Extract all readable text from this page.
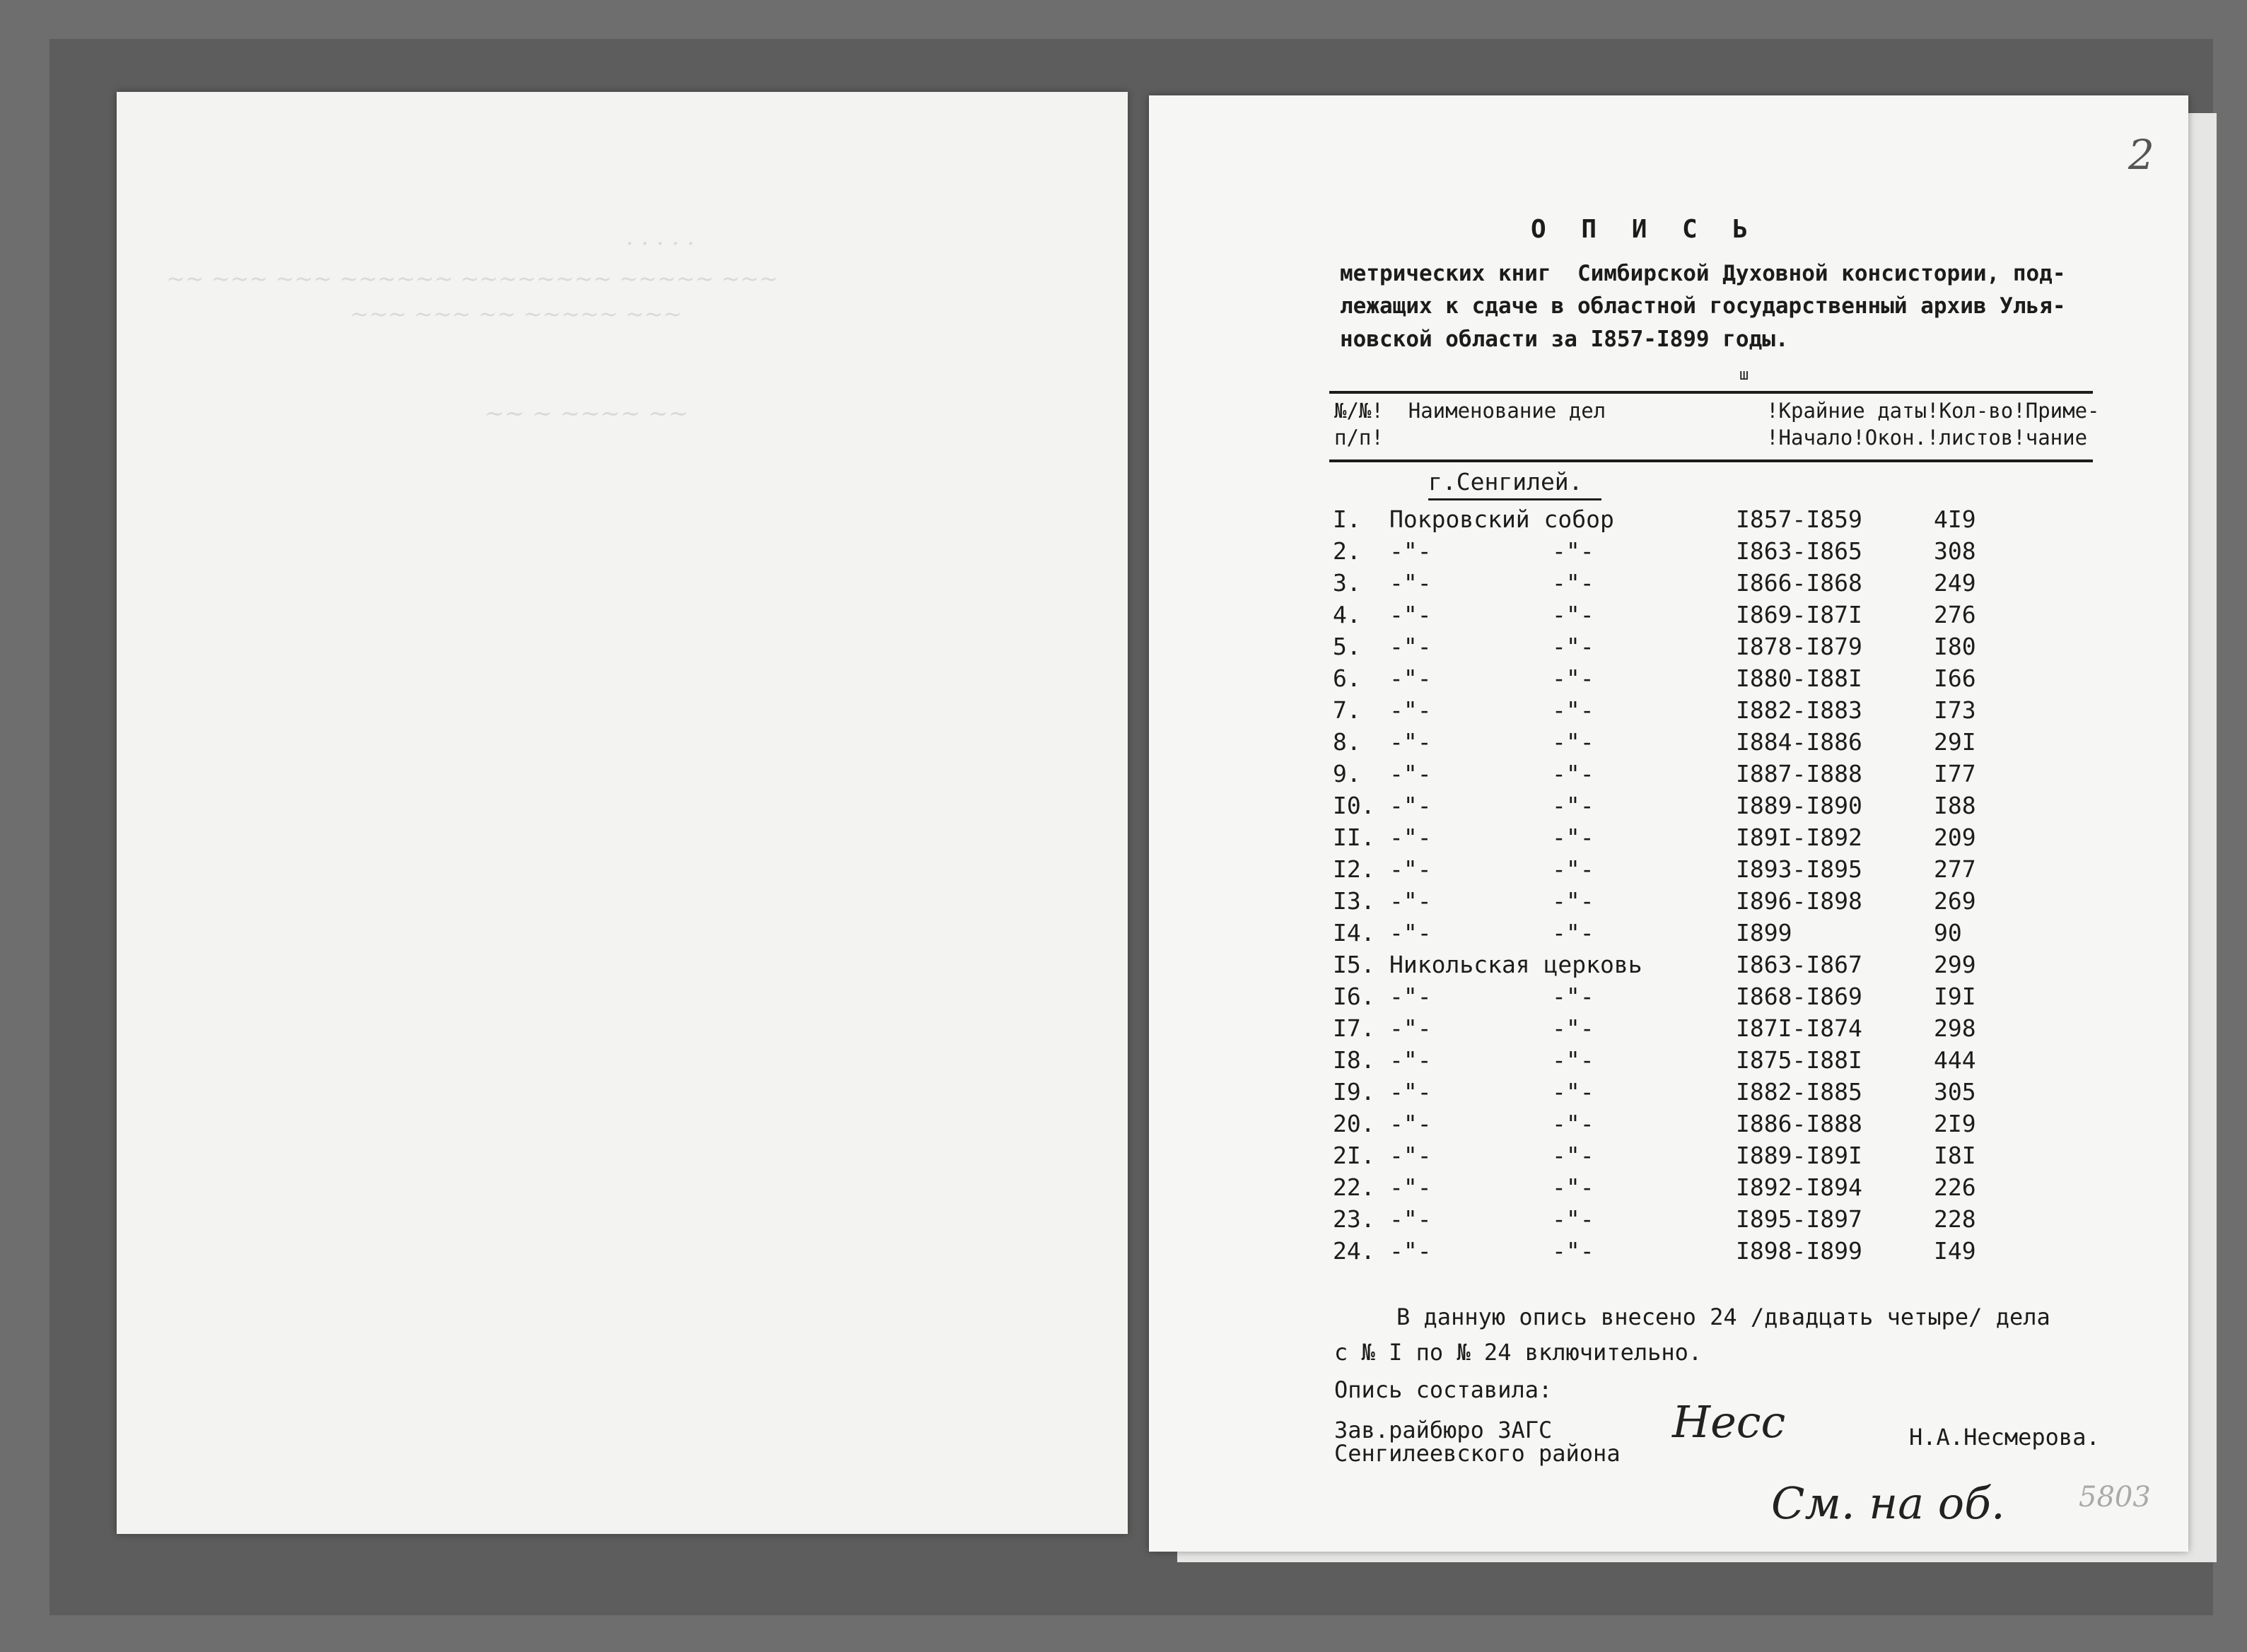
. . . . .
~~ ~~~ ~~~ ~~~~~~ ~~~~~~~~ ~~~~~ ~~~
~~~ ~~~ ~~ ~~~~~ ~~~
~~ ~ ~~~~ ~~
2
О П И С Ь
метрических книг  Симбирской Духовной консистории, под-
лежащих к сдаче в областной государственный архив Улья-
новской области за I857-I899 годы.
ш
№/№!  Наименование дел             !Крайние даты!Кол-во!Приме-
п/п!                               !Начало!Окон.!листов!чание
г.Сенгилей.
I. Покровский собор	I857-I859	4I9
2. -"-	-"-	I863-I865	308
3. -"-	-"-	I866-I868	249
4. -"-	-"-	I869-I87I	276
5. -"-	-"-	I878-I879	I80
6. -"-	-"-	I880-I88I	I66
7. -"-	-"-	I882-I883	I73
8. -"-	-"-	I884-I886	29I
9. -"-	-"-	I887-I888	I77
I0. -"-	-"-	I889-I890	I88
II. -"-	-"-	I89I-I892	209
I2. -"-	-"-	I893-I895	277
I3. -"-	-"-	I896-I898	269
I4. -"-	-"-	I899	90
I5. Никольская церковь	I863-I867	299
I6. -"-	-"-	I868-I869	I9I
I7. -"-	-"-	I87I-I874	298
I8. -"-	-"-	I875-I88I	444
I9. -"-	-"-	I882-I885	305
20. -"-	-"-	I886-I888	2I9
2I. -"-	-"-	I889-I89I	I8I
22. -"-	-"-	I892-I894	226
23. -"-	-"-	I895-I897	228
24. -"-	-"-	I898-I899	I49
В данную опись внесено 24 /двадцать четыре/ дела
с № I по № 24 включительно.
Опись составила:
Зав.райбюро ЗАГС
Сенгилеевского района
Несс	Н.А.Несмерова.
См. на об.	5803
